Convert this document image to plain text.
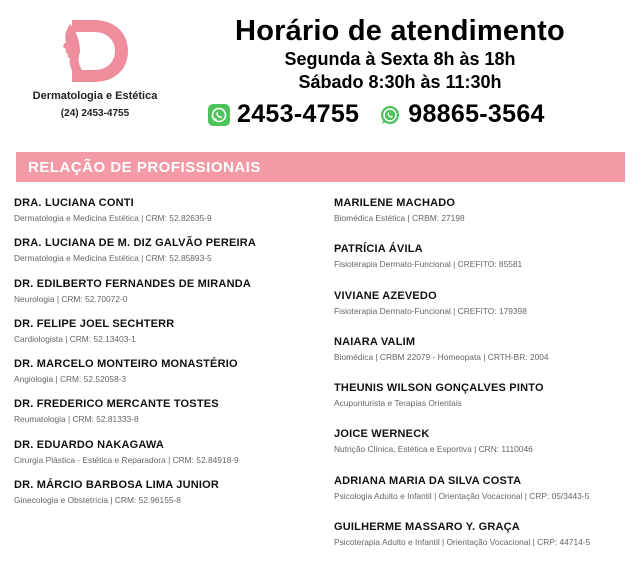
Dermatologia e Estética
(24) 2453-4755
Horário de atendimento
Segunda à Sexta 8h às 18h
Sábado 8:30h às 11:30h
2453-4755 98865-3564
RELAÇÃO DE PROFISSIONAIS
DRA. LUCIANA CONTI
Dermatologia e Medicina Estética | CRM: 52.82635-9
DRA. LUCIANA DE M. DIZ GALVÃO PEREIRA
Dermatologia e Medicina Estética | CRM: 52.85893-5
DR. EDILBERTO FERNANDES DE MIRANDA
Neurologia | CRM: 52.70072-0
DR. FELIPE JOEL SECHTERR
Cardiologista | CRM: 52.13403-1
DR. MARCELO MONTEIRO MONASTÉRIO
Angiologia | CRM: 52.52058-3
DR. FREDERICO MERCANTE TOSTES
Reumatologia | CRM: 52.81333-8
DR. EDUARDO NAKAGAWA
Cirurgia Plástica - Estética e Reparadora | CRM: 52.84918-9
DR. MÁRCIO BARBOSA LIMA JUNIOR
Ginecologia e Obstetrícia | CRM: 52.96155-8
MARILENE MACHADO
Biomédica Estética | CRBM: 27198
PATRÍCIA ÁVILA
Fisioterapia Dermato-Funcional | CREFITO: 85581
VIVIANE AZEVEDO
Fisioterapia Dermato-Funcional | CREFITO: 179398
NAIARA VALIM
Biomédica | CRBM 22079 - Homeopata | CRTH-BR: 2004
THEUNIS WILSON GONÇALVES PINTO
Acupunturista e Terapias Orientais
JOICE WERNECK
Nutrição Clínica, Estética e Esportiva | CRN: 1110046
ADRIANA MARIA DA SILVA COSTA
Psicologia Adulto e Infantil | Orientação Vocacional | CRP: 05/3443-5
GUILHERME MASSARO Y. GRAÇA
Psicoterapia Adulto e Infantil | Orientação Vocacional | CRP: 44714-5
